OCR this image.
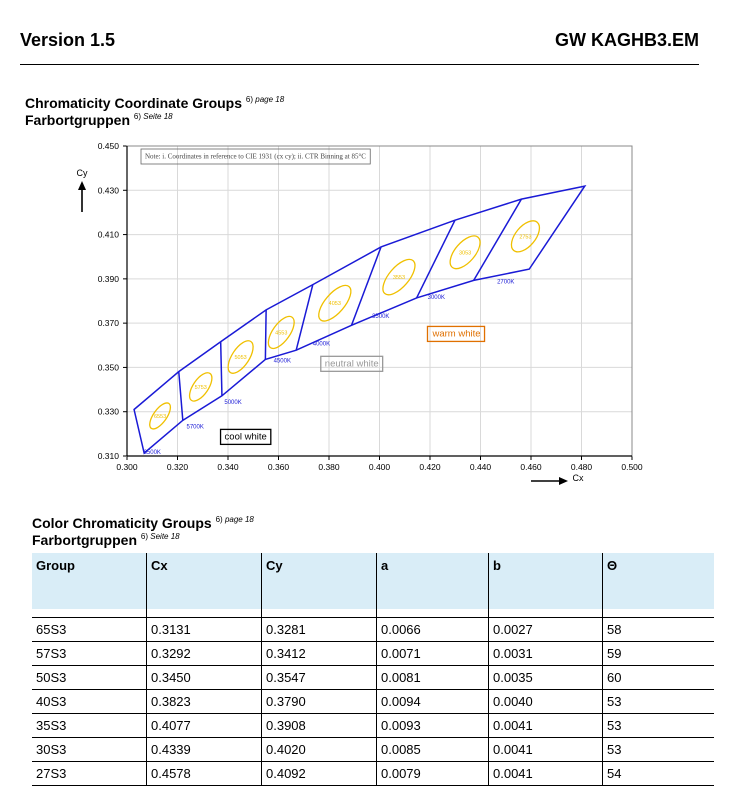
Version 1.5	GW KAGHB3.EM
Chromaticity Coordinate Groups $^{6) page 18}$
Farbortgruppen $^{6) Seite 18}$
0.300	0.320	0.340	0.360	0.380	0.400	0.420	0.440	0.460	0.480	0.500
0.310
0.330
0.350
0.370
0.390
0.410
0.430
0.450
Cy
Cx
Note: i. Coordinates in reference to CIE 1931 (cx cy); ii. CTR Binning at 85°C
6553
5753
5053
4053
3553
3053
2753
4553
6500K
5700K
5000K
4500K
4000K
3500K
3000K
2700K
cool white
neutral white
warm white
Color Chromaticity Groups $^{6) page 18}$
Farbortgruppen $^{6) Seite 18}$
Group	Cx	Cy	a	b	Θ

65S3	0.3131	0.3281	0.0066	0.0027	58
57S3	0.3292	0.3412	0.0071	0.0031	59
50S3	0.3450	0.3547	0.0081	0.0035	60
40S3	0.3823	0.3790	0.0094	0.0040	53
35S3	0.4077	0.3908	0.0093	0.0041	53
30S3	0.4339	0.4020	0.0085	0.0041	53
27S3	0.4578	0.4092	0.0079	0.0041	54
